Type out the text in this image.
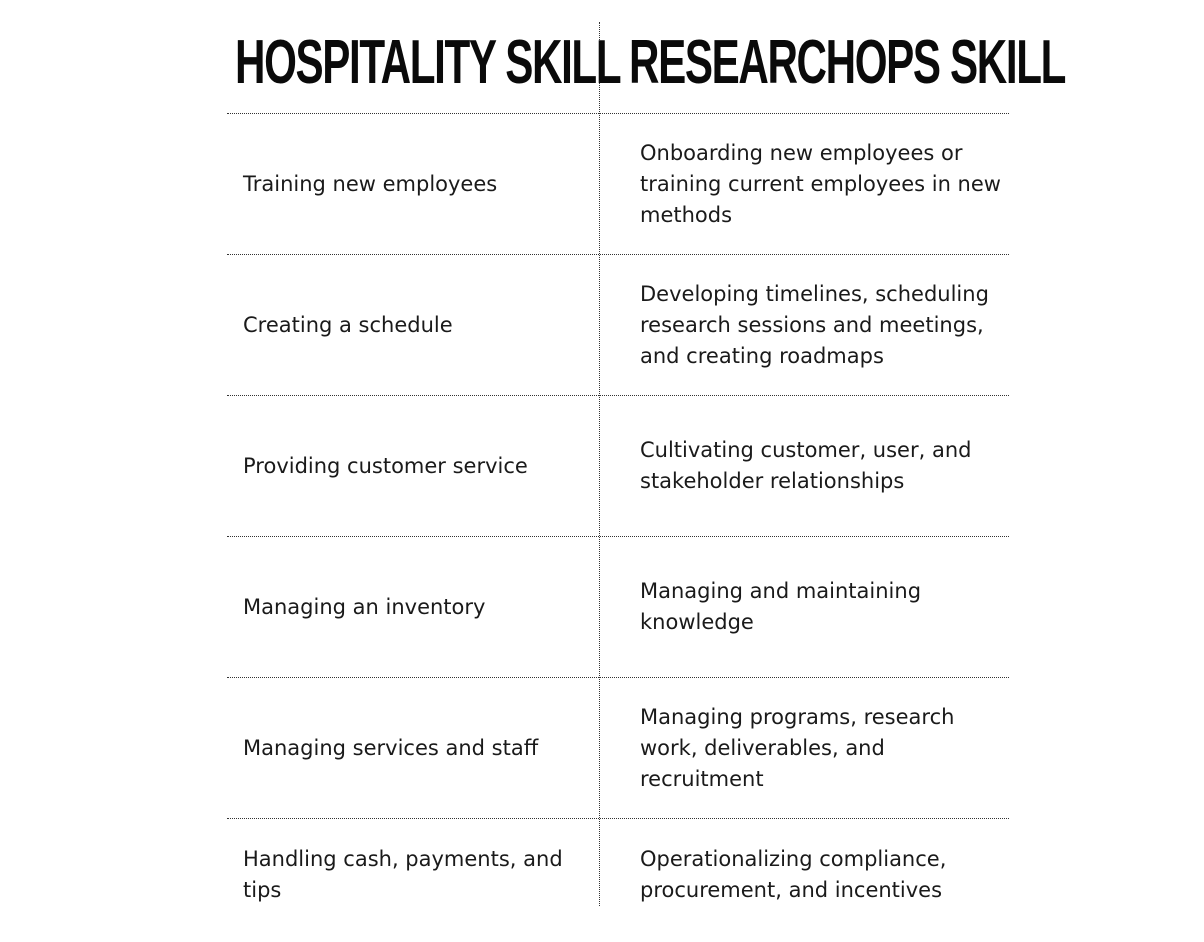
HOSPITALITY SKILL RESEARCHOPS SKILL
Training new employees
Onboarding new employees or training current employees in new methods
Creating a schedule
Developing timelines, scheduling research sessions and meetings, and creating roadmaps
Providing customer service
Cultivating customer, user, and stakeholder relationships
Managing an inventory
Managing and maintaining knowledge
Managing services and staff
Managing programs, research work, deliverables, and recruitment
Handling cash, payments, and tips
Operationalizing compliance, procurement, and incentives
